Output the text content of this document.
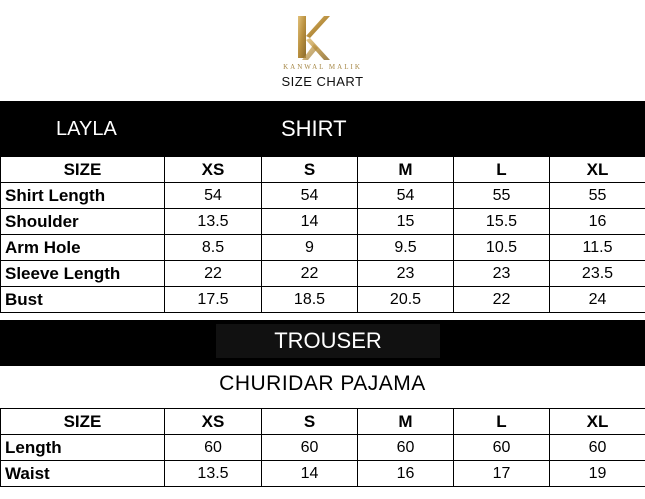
KANWAL MALIK
SIZE CHART
LAYLA	SHIRT
SIZE	XS	S	M	L	XL
Shirt Length	54	54	54	55	55
Shoulder	13.5	14	15	15.5	16
Arm Hole	8.5	9	9.5	10.5	11.5
Sleeve Length	22	22	23	23	23.5
Bust	17.5	18.5	20.5	22	24
TROUSER
CHURIDAR PAJAMA
SIZE	XS	S	M	L	XL
Length	60	60	60	60	60
Waist	13.5	14	16	17	19
